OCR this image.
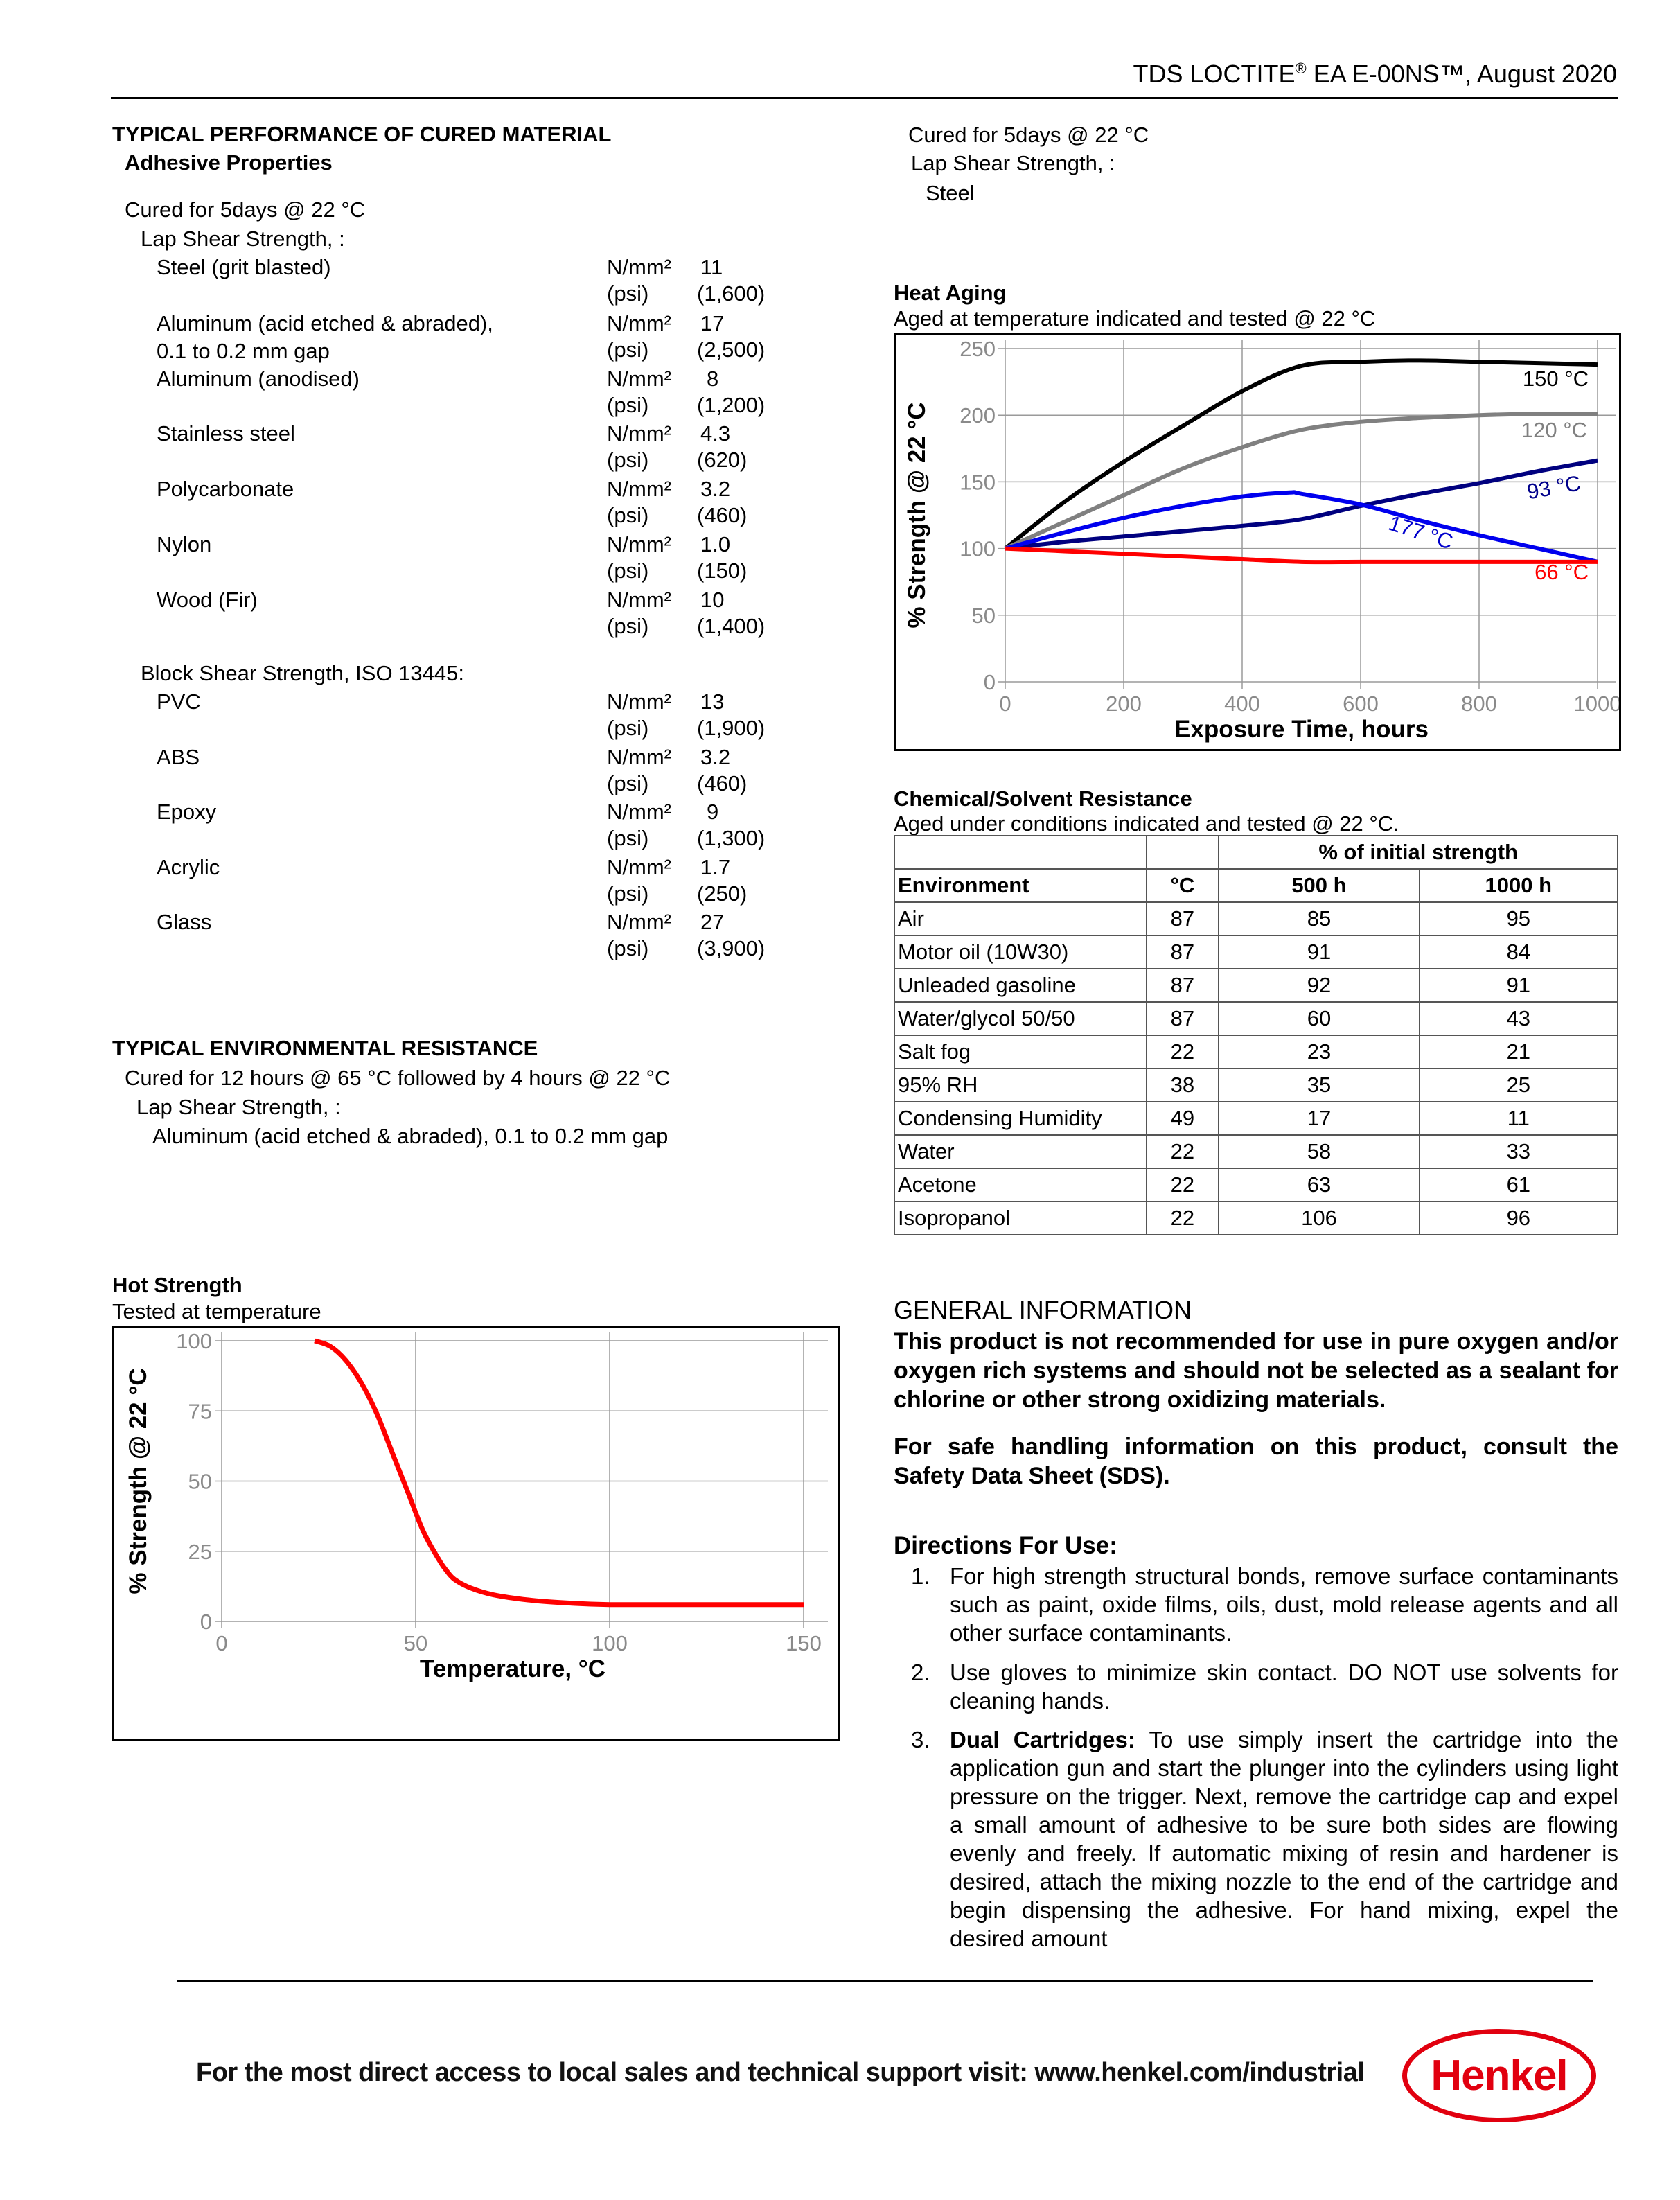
TDS LOCTITE® EA E-00NS™, August 2020
TYPICAL PERFORMANCE OF CURED MATERIAL
Adhesive Properties
Cured for 5days @ 22 °C
Lap Shear Strength, :
Steel (grit blasted)	N/mm² 11
(psi) (1,600)
Aluminum (acid etched & abraded),
0.1 to 0.2 mm gap
N/mm² 17
(psi) (2,500)
Aluminum (anodised)	N/mm² 8
(psi) (1,200)
Stainless steel	N/mm² 4.3
(psi) (620)
Polycarbonate	N/mm² 3.2
(psi) (460)
Nylon	N/mm² 1.0
(psi) (150)
Wood (Fir)	N/mm² 10
(psi) (1,400)
Block Shear Strength, ISO 13445:
PVC	N/mm² 13
(psi) (1,900)
ABS	N/mm² 3.2
(psi) (460)
Epoxy	N/mm² 9
(psi) (1,300)
Acrylic	N/mm² 1.7
(psi) (250)
Glass	N/mm² 27
(psi) (3,900)
TYPICAL ENVIRONMENTAL RESISTANCE
Cured for 12 hours @ 65 °C followed by 4 hours @ 22 °C
Lap Shear Strength, :
Aluminum (acid etched & abraded), 0.1 to 0.2 mm gap
Hot Strength
Tested at temperature
0
25
50
75
100
0	50	100	150
Temperature, °C
% Strength @ 22 °C
Cured for 5days @ 22 °C
Lap Shear Strength, :
Steel
Heat Aging
Aged at temperature indicated and tested @ 22 °C
0
50
100
150
200
250
0	200	400	600	800	1000
Exposure Time, hours
% Strength @ 22 °C
150 °C
120 °C
93 °C
177 °C
66 °C
Chemical/Solvent Resistance
Aged under conditions indicated and tested @ 22 °C.
		% of initial strength	
Environment	°C	500 h	1000 h
Air	87	85	95
Motor oil (10W30)	87	91	84
Unleaded gasoline	87	92	91
Water/glycol 50/50	87	60	43
Salt fog	22	23	21
95% RH	38	35	25
Condensing Humidity	49	17	11
Water	22	58	33
Acetone	22	63	61
Isopropanol	22	106	96
GENERAL INFORMATION
This product is not recommended for use in pure oxygen and/or oxygen rich systems and should not be selected as a sealant for chlorine or other strong oxidizing materials.
For safe handling information on this product, consult the Safety Data Sheet (SDS).
Directions For Use:
1. For high strength structural bonds, remove surface contaminants such as paint, oxide films, oils, dust, mold release agents and all other surface contaminants.
2. Use gloves to minimize skin contact. DO NOT use solvents for cleaning hands.
3. Dual Cartridges: To use simply insert the cartridge into the application gun and start the plunger into the cylinders using light pressure on the trigger. Next, remove the cartridge cap and expel a small amount of adhesive to be sure both sides are flowing evenly and freely. If automatic mixing of resin and hardener is desired, attach the mixing nozzle to the end of the cartridge and begin dispensing the adhesive. For hand mixing, expel the desired amount
For the most direct access to local sales and technical support visit: www.henkel.com/industrial Henkel
